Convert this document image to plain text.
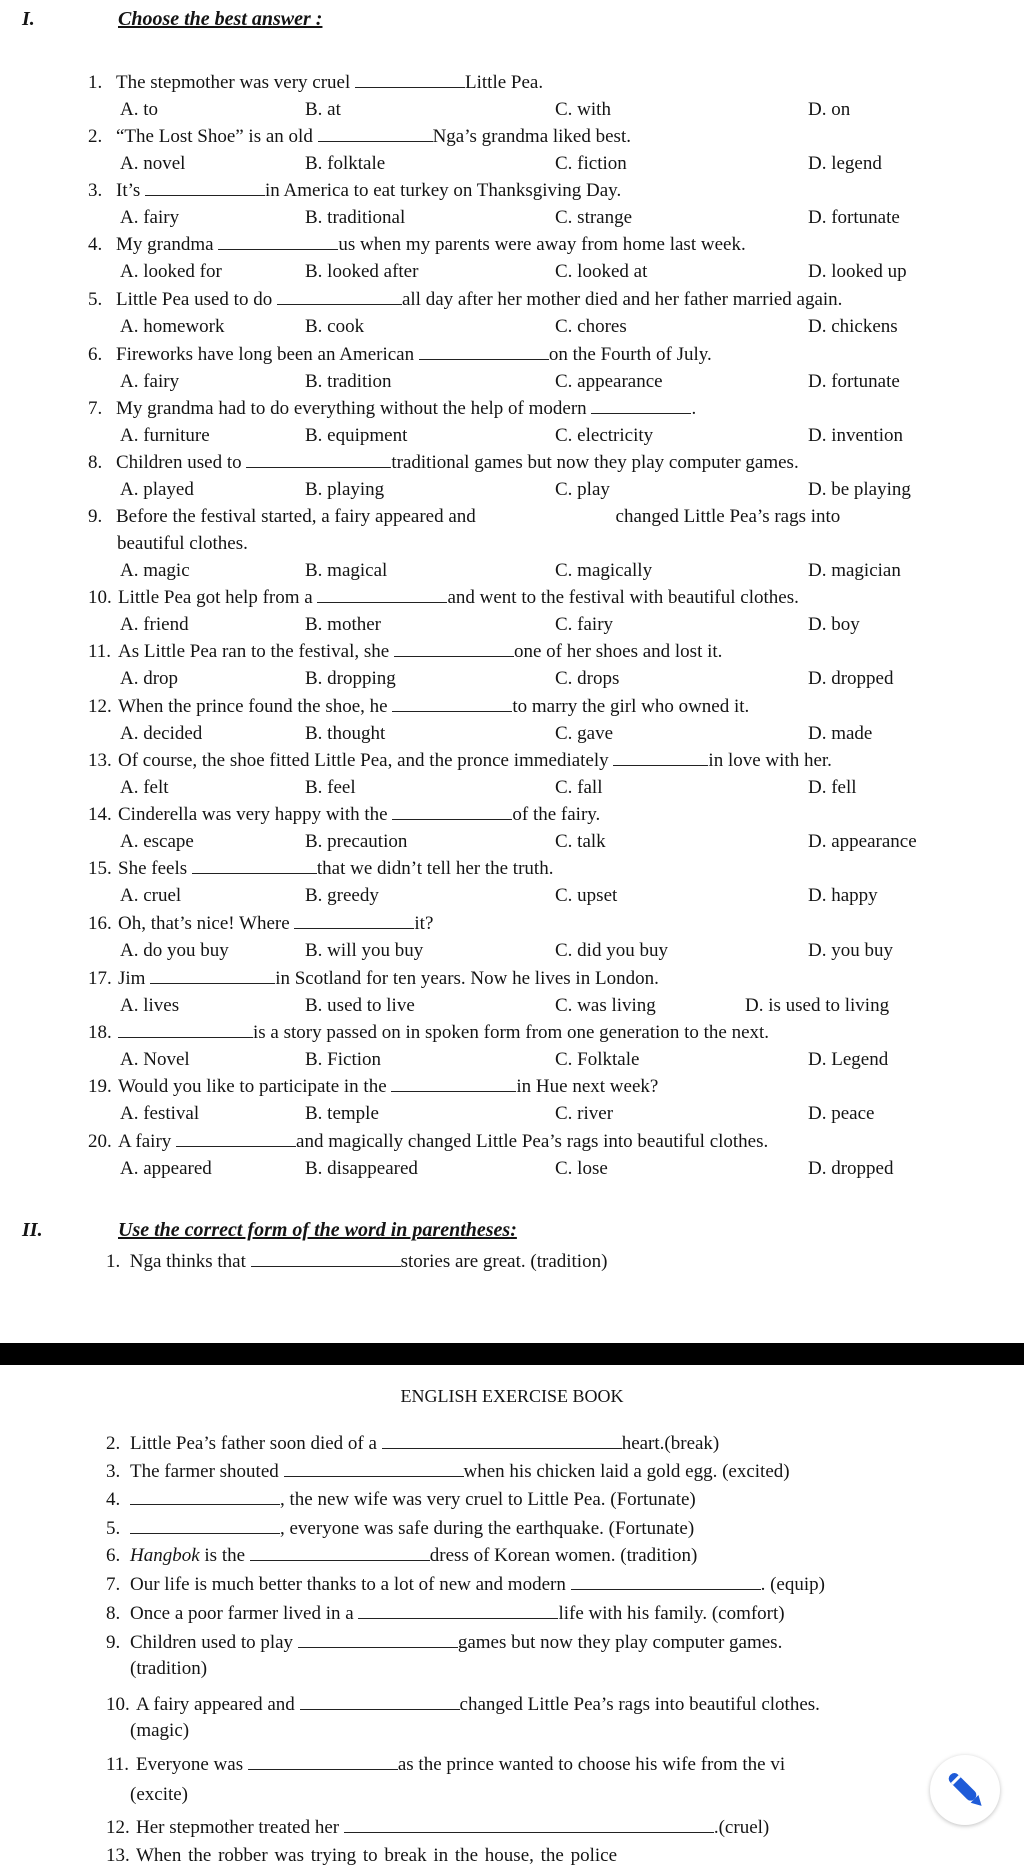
I.	Choose the best answer :
1. The stepmother was very cruel	Little Pea.
A. to	B. at	C. with	D. on
2. “The Lost Shoe” is an old	Nga’s grandma liked best.
A. novel	B. folktale	C. fiction	D. legend
3. It’s	in America to eat turkey on Thanksgiving Day.
A. fairy	B. traditional	C. strange	D. fortunate
4. My grandma	us when my parents were away from home last week.
A. looked for	B. looked after	C. looked at	D. looked up
5. Little Pea used to do	all day after her mother died and her father married again.
A. homework	B. cook	C. chores	D. chickens
6. Fireworks have long been an American	on the Fourth of July.
A. fairy	B. tradition	C. appearance	D. fortunate
7. My grandma had to do everything without the help of modern	.
A. furniture	B. equipment	C. electricity	D. invention
8. Children used to	traditional games but now they play computer games.
A. played	B. playing	C. play	D. be playing
9. Before the festival started, a fairy appeared and	changed Little Pea’s rags into
beautiful clothes.
A. magic	B. magical	C. magically	D. magician
10. Little Pea got help from a	and went to the festival with beautiful clothes.
A. friend	B. mother	C. fairy	D. boy
11. As Little Pea ran to the festival, she	one of her shoes and lost it.
A. drop	B. dropping	C. drops	D. dropped
12. When the prince found the shoe, he	to marry the girl who owned it.
A. decided	B. thought	C. gave	D. made
13. Of course, the shoe fitted Little Pea, and the pronce immediately	in love with her.
A. felt	B. feel	C. fall	D. fell
14. Cinderella was very happy with the	of the fairy.
A. escape	B. precaution	C. talk	D. appearance
15. She feels	that we didn’t tell her the truth.
A. cruel	B. greedy	C. upset	D. happy
16. Oh, that’s nice! Where	it?
A. do you buy	B. will you buy	C. did you buy	D. you buy
17. Jim	in Scotland for ten years. Now he lives in London.
A. lives	B. used to live	C. was living	D. is used to living
18.	is a story passed on in spoken form from one generation to the next.
A. Novel	B. Fiction	C. Folktale	D. Legend
19. Would you like to participate in the	in Hue next week?
A. festival	B. temple	C. river	D. peace
20. A fairy	and magically changed Little Pea’s rags into beautiful clothes.
A. appeared	B. disappeared	C. lose	D. dropped
II.	Use the correct form of the word in parentheses:
1. Nga thinks that	stories are great. (tradition)
ENGLISH EXERCISE BOOK
2.Little Pea’s father soon died of a	heart.(break)
3.The farmer shouted	when his chicken laid a gold egg. (excited)
4.	, the new wife was very cruel to Little Pea. (Fortunate)
5.	, everyone was safe during the earthquake. (Fortunate)
6.Hangbok is the	dress of Korean women. (tradition)
7.Our life is much better thanks to a lot of new and modern	. (equip)
8.Once a poor farmer lived in a	life with his family. (comfort)
9.Children used to play	games but now they play computer games.
(tradition)
10.A fairy appeared and	changed Little Pea’s rags into beautiful clothes.
(magic)
11.Everyone was	as the prince wanted to choose his wife from the vi
(excite)
12.Her stepmother treated her	.(cruel)
13.When the robber was trying to break in the house, the police
